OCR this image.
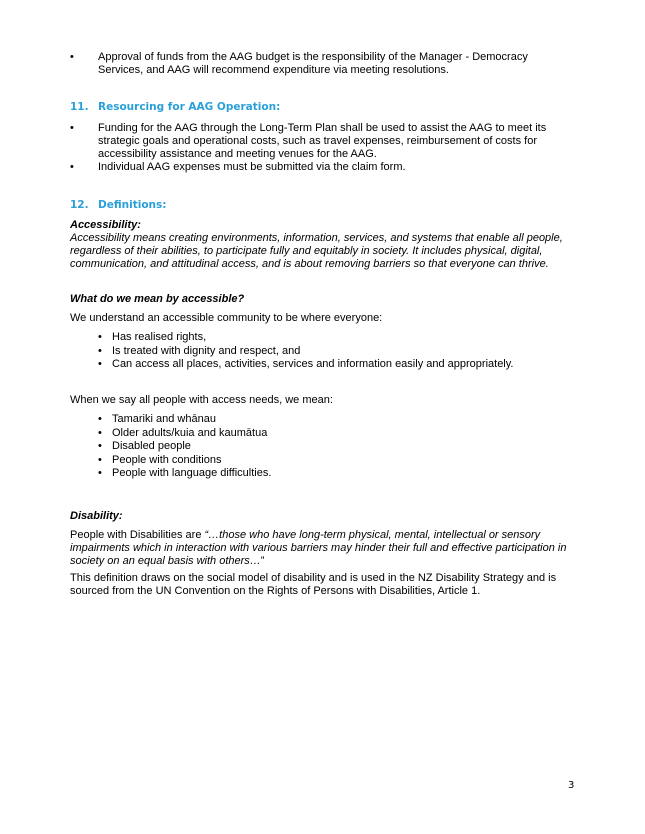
• Approval of funds from the AAG budget is the responsibility of the Manager - Democracy Services, and AAG will recommend expenditure via meeting resolutions.
11. Resourcing for AAG Operation:
• Funding for the AAG through the Long-Term Plan shall be used to assist the AAG to meet its strategic goals and operational costs, such as travel expenses, reimbursement of costs for accessibility assistance and meeting venues for the AAG.
• Individual AAG expenses must be submitted via the claim form.
12. Definitions:
Accessibility:
Accessibility means creating environments, information, services, and systems that enable all people, regardless of their abilities, to participate fully and equitably in society. It includes physical, digital, communication, and attitudinal access, and is about removing barriers so that everyone can thrive.
What do we mean by accessible?
We understand an accessible community to be where everyone:
• Has realised rights,
• Is treated with dignity and respect, and
• Can access all places, activities, services and information easily and appropriately.
When we say all people with access needs, we mean:
• Tamariki and whānau
• Older adults/kuia and kaumātua
• Disabled people
• People with conditions
• People with language difficulties.
Disability:
People with Disabilities are “…those who have long-term physical, mental, intellectual or sensory impairments which in interaction with various barriers may hinder their full and effective participation in society on an equal basis with others…”
This definition draws on the social model of disability and is used in the NZ Disability Strategy and is sourced from the UN Convention on the Rights of Persons with Disabilities, Article 1.
3
